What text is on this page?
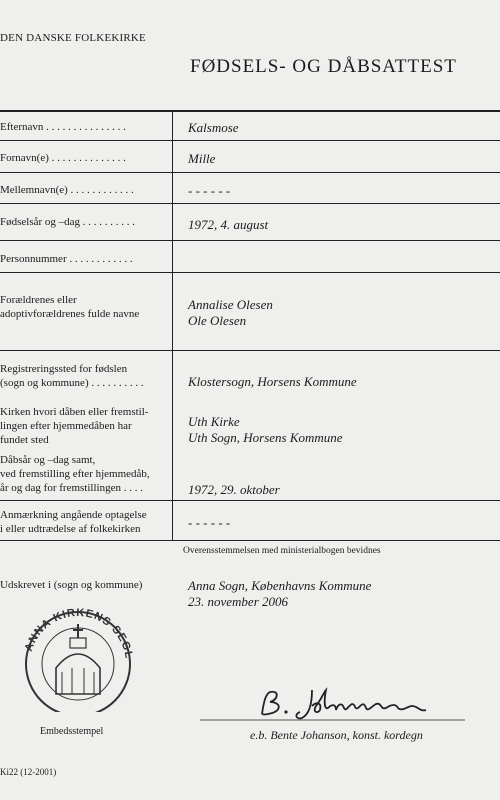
DEN DANSKE FOLKEKIRKE
FØDSELS- OG DÅBSATTEST
Efternavn . . . . . . . . . . . . . . .
Fornavn(e) . . . . . . . . . . . . . .
Mellemnavn(e) . . . . . . . . . . . .
Fødselsår og –dag . . . . . . . . . .
Personnummer . . . . . . . . . . . .
Forældrenes eller
adoptivforældrenes fulde navne
Registreringssted for fødslen
(sogn og kommune) . . . . . . . . . .
Kirken hvori dåben eller fremstil-
lingen efter hjemmedåben har
fundet sted
Dåbsår og –dag samt,
ved fremstilling efter hjemmedåb,
år og dag for fremstillingen . . . .
Anmærkning angående optagelse
i eller udtrædelse af folkekirken
Kalsmose
Mille
- - - - - -
1972, 4. august
Annalise Olesen
Ole Olesen
Klostersogn, Horsens Kommune
Uth Kirke
Uth Sogn, Horsens Kommune
1972, 29. oktober
- - - - - -
Overensstemmelsen med ministerialbogen bevidnes
Udskrevet i (sogn og kommune)	Anna Sogn, Københavns Kommune
23. november 2006
ANNA KIRKENS SEGL
Embedsstempel	e.b. Bente Johanson, konst. kordegn
Ki22 (12-2001)
